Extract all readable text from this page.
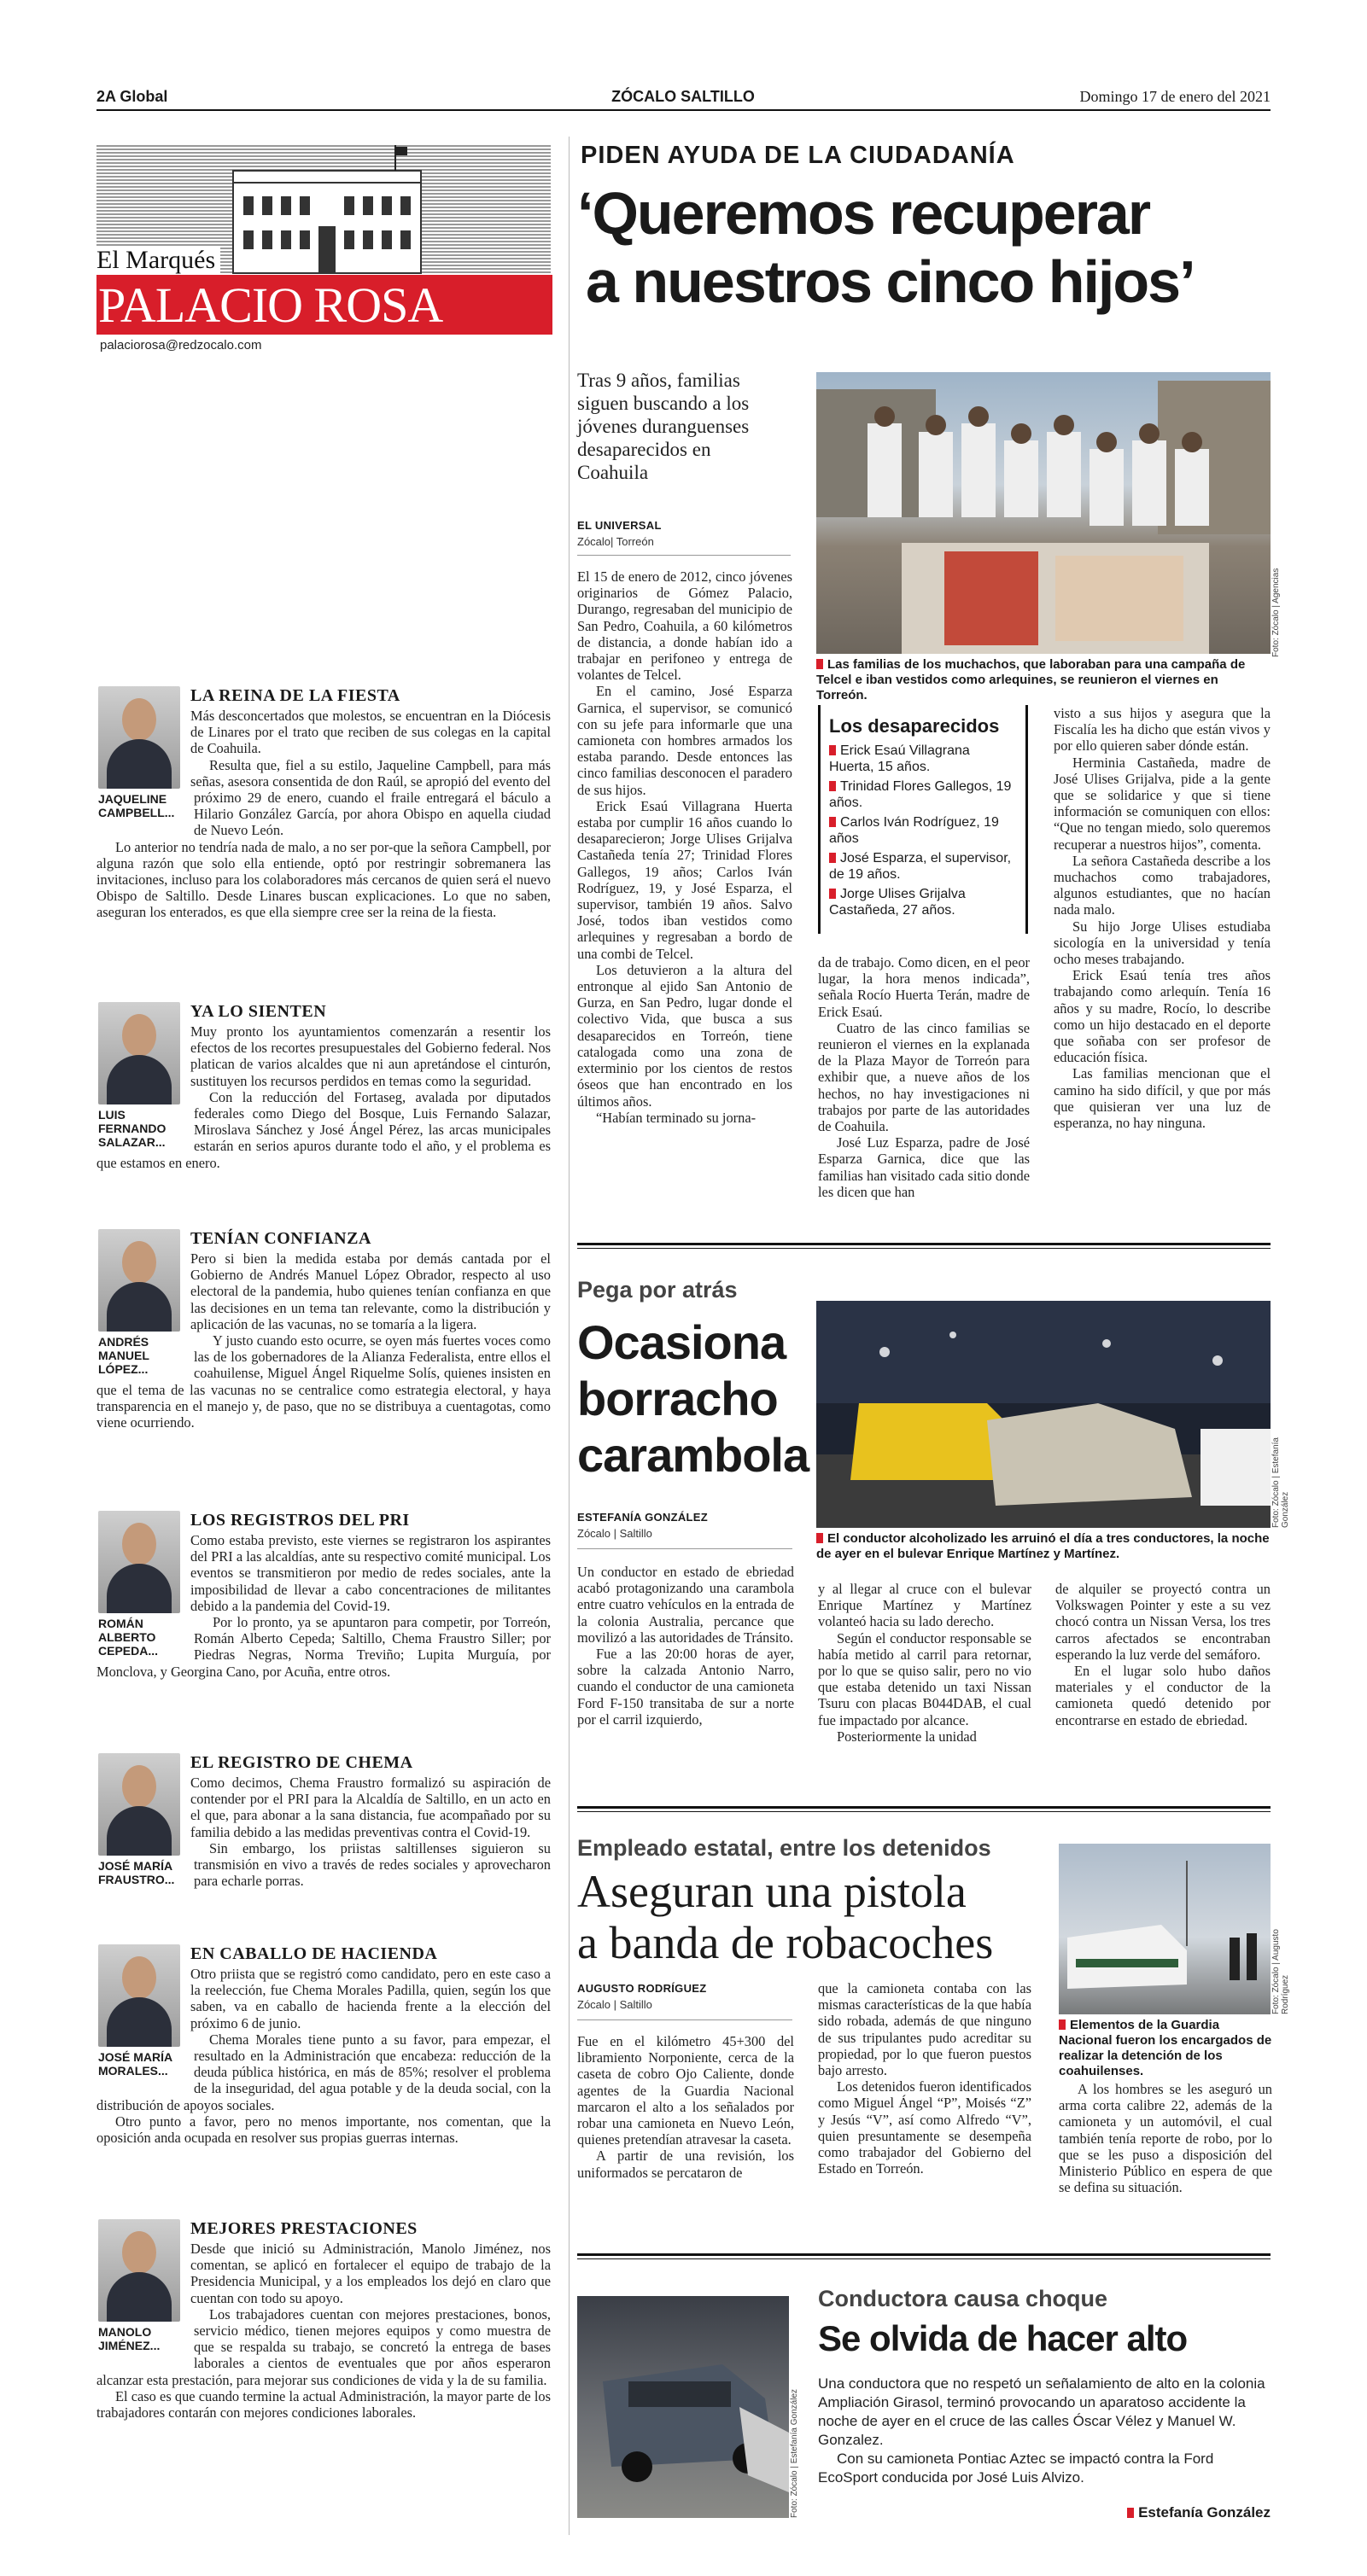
2A Global	ZÓCALO SALTILLO	Domingo 17 de enero del 2021
El Marqués
PALACIO ROSA
palaciorosa@redzocalo.com
JAQUELINE CAMPBELL...
LA REINA DE LA FIESTA

Más desconcertados que molestos, se encuentran en la Diócesis de Linares por el trato que reciben de sus colegas en la capital de Coahuila.

Resulta que, fiel a su estilo, Jaqueline Campbell, para más señas, asesora consentida de don Raúl, se apropió del evento del próximo 29 de enero, cuando el fraile entregará el báculo a Hilario González García, por ahora Obispo en aquella ciudad de Nuevo León.

Lo anterior no tendría nada de malo, a no ser por-que la señora Campbell, por alguna razón que solo ella entiende, optó por restringir sobremanera las invitaciones, incluso para los colaboradores más cercanos de quien será el nuevo Obispo de Saltillo. Desde Linares buscan explicaciones. Lo que no saben, aseguran los enterados, es que ella siempre cree ser la reina de la fiesta.

LUIS FERNANDO SALAZAR...
YA LO SIENTEN

Muy pronto los ayuntamientos comenzarán a resentir los efectos de los recortes presupuestales del Gobierno federal. Nos platican de varios alcaldes que ni aun apretándose el cinturón, sustituyen los recursos perdidos en temas como la seguridad.

Con la reducción del Fortaseg, avalada por diputados federales como Diego del Bosque, Luis Fernando Salazar, Miroslava Sánchez y José Ángel Pérez, las arcas municipales estarán en serios apuros durante todo el año, y el problema es que estamos en enero.

ANDRÉS MANUEL LÓPEZ...
TENÍAN CONFIANZA

Pero si bien la medida estaba por demás cantada por el Gobierno de Andrés Manuel López Obrador, respecto al uso electoral de la pandemia, hubo quienes tenían confianza en que las decisiones en un tema tan relevante, como la distribución y aplicación de las vacunas, no se tomaría a la ligera.

Y justo cuando esto ocurre, se oyen más fuertes voces como las de los gobernadores de la Alianza Federalista, entre ellos el coahuilense, Miguel Ángel Riquelme Solís, quienes insisten en que el tema de las vacunas no se centralice como estrategia electoral, y haya transparencia en el manejo y, de paso, que no se distribuya a cuentagotas, como viene ocurriendo.

ROMÁN ALBERTO CEPEDA...
LOS REGISTROS DEL PRI

Como estaba previsto, este viernes se registraron los aspirantes del PRI a las alcaldías, ante su respectivo comité municipal. Los eventos se transmitieron por medio de redes sociales, ante la imposibilidad de llevar a cabo concentraciones de militantes debido a la pandemia del Covid-19.

Por lo pronto, ya se apuntaron para competir, por Torreón, Román Alberto Cepeda; Saltillo, Chema Fraustro Siller; por Piedras Negras, Norma Treviño; Lupita Murguía, por Monclova, y Georgina Cano, por Acuña, entre otros.

JOSÉ MARÍA FRAUSTRO...
EL REGISTRO DE CHEMA

Como decimos, Chema Fraustro formalizó su aspiración de contender por el PRI para la Alcaldía de Saltillo, en un acto en el que, para abonar a la sana distancia, fue acompañado por su familia debido a las medidas preventivas contra el Covid-19.

Sin embargo, los priistas saltillenses siguieron su transmisión en vivo a través de redes sociales y aprovecharon para echarle porras.

JOSÉ MARÍA MORALES...
EN CABALLO DE HACIENDA

Otro priista que se registró como candidato, pero en este caso a la reelección, fue Chema Morales Padilla, quien, según los que saben, va en caballo de hacienda frente a la elección del próximo 6 de junio.

Chema Morales tiene punto a su favor, para empezar, el resultado en la Administración que encabeza: reducción de la deuda pública histórica, en más de 85%; resolver el problema de la inseguridad, del agua potable y de la deuda social, con la distribución de apoyos sociales.

Otro punto a favor, pero no menos importante, nos comentan, que la oposición anda ocupada en resolver sus propias guerras internas.

MANOLO JIMÉNEZ...
MEJORES PRESTACIONES

Desde que inició su Administración, Manolo Jiménez, nos comentan, se aplicó en fortalecer el equipo de trabajo de la Presidencia Municipal, y a los empleados los dejó en claro que cuentan con todo su apoyo.

Los trabajadores cuentan con mejores prestaciones, bonos, servicio médico, tienen mejores equipos y como muestra de que se respalda su trabajo, se concretó la entrega de bases laborales a cientos de eventuales que por años esperaron alcanzar esta prestación, para mejorar sus condiciones de vida y la de su familia.

El caso es que cuando termine la actual Administración, la mayor parte de los trabajadores contarán con mejores condiciones laborales.

PIDEN AYUDA DE LA CIUDADANÍA
‘Queremos recuperar
a nuestros cinco hijos’
Tras 9 años, familias siguen buscando a los jóvenes duranguenses desaparecidos en Coahuila
EL UNIVERSAL
Zócalo| Torreón
Foto: Zócalo | Agencias
Las familias de los muchachos, que laboraban para una campaña de Telcel e iban vestidos como arlequines, se reunieron el viernes en Torreón.

El 15 de enero de 2012, cinco jóvenes originarios de Gómez Palacio, Durango, regresaban del municipio de San Pedro, Coahuila, a 60 kilómetros de distancia, a donde habían ido a trabajar en perifoneo y entrega de volantes de Telcel.

En el camino, José Esparza Garnica, el supervisor, se comunicó con su jefe para informarle que una camioneta con hombres armados los estaba parando. Desde entonces las cinco familias desconocen el paradero de sus hijos.

Erick Esaú Villagrana Huerta estaba por cumplir 16 años cuando lo desaparecieron; Jorge Ulises Grijalva Castañeda tenía 27; Trinidad Flores Gallegos, 19 años; Carlos Iván Rodríguez, 19, y José Esparza, el supervisor, también 19 años. Salvo José, todos iban vestidos como arlequines y regresaban a bordo de una combi de Telcel.

Los detuvieron a la altura del entronque al ejido San Antonio de Gurza, en San Pedro, lugar donde el colectivo Vida, que busca a sus desaparecidos en Torreón, tiene catalogada como una zona de exterminio por los cientos de restos óseos que han encontrado en los últimos años.

“Habían terminado su jorna-

Los desaparecidos
Erick Esaú Villagrana Huerta, 15 años.
Trinidad Flores Gallegos, 19 años.
Carlos Iván Rodríguez, 19 años
José Esparza, el supervisor, de 19 años.
Jorge Ulises Grijalva Castañeda, 27 años.

da de trabajo. Como dicen, en el peor lugar, la hora menos indicada”, señala Rocío Huerta Terán, madre de Erick Esaú.

Cuatro de las cinco familias se reunieron el viernes en la explanada de la Plaza Mayor de Torreón para exhibir que, a nueve años de los hechos, no hay investigaciones ni trabajos por parte de las autoridades de Coahuila.

José Luz Esparza, padre de José Esparza Garnica, dice que las familias han visitado cada sitio donde les dicen que han

visto a sus hijos y asegura que la Fiscalía les ha dicho que están vivos y por ello quieren saber dónde están.

Herminia Castañeda, madre de José Ulises Grijalva, pide a la gente que se solidarice y que si tiene información se comuniquen con ellos: “Que no tengan miedo, solo queremos recuperar a nuestros hijos”, comenta.

La señora Castañeda describe a los muchachos como trabajadores, algunos estudiantes, que no hacían nada malo.

Su hijo Jorge Ulises estudiaba sicología en la universidad y tenía ocho meses trabajando.

Erick Esaú tenía tres años trabajando como arlequín. Tenía 16 años y su madre, Rocío, lo describe como un hijo destacado en el deporte que soñaba con ser profesor de educación física.

Las familias mencionan que el camino ha sido difícil, y que por más que quisieran ver una luz de esperanza, no hay ninguna.

Pega por atrás
Ocasiona borracho carambola
ESTEFANÍA GONZÁLEZ
Zócalo | Saltillo
Foto: Zócalo | Estefanía González
El conductor alcoholizado les arruinó el día a tres conductores, la noche de ayer en el bulevar Enrique Martínez y Martínez.

Un conductor en estado de ebriedad acabó protagonizando una carambola entre cuatro vehículos en la entrada de la colonia Australia, percance que movilizó a las autoridades de Tránsito.

Fue a las 20:00 horas de ayer, sobre la calzada Antonio Narro, cuando el conductor de una camioneta Ford F-150 transitaba de sur a norte por el carril izquierdo,

y al llegar al cruce con el bulevar Enrique Martínez y Martínez volanteó hacia su lado derecho.

Según el conductor responsable se había metido al carril para retornar, por lo que se quiso salir, pero no vio que estaba detenido un taxi Nissan Tsuru con placas B044DAB, el cual fue impactado por alcance.

Posteriormente la unidad

de alquiler se proyectó contra un Volkswagen Pointer y este a su vez chocó contra un Nissan Versa, los tres carros afectados se encontraban esperando la luz verde del semáforo.

En el lugar solo hubo daños materiales y el conductor de la camioneta quedó detenido por encontrarse en estado de ebriedad.

Empleado estatal, entre los detenidos
Aseguran una pistola
a banda de robacoches
AUGUSTO RODRÍGUEZ
Zócalo | Saltillo

Fue en el kilómetro 45+300 del libramiento Norponiente, cerca de la caseta de cobro Ojo Caliente, donde agentes de la Guardia Nacional marcaron el alto a los señalados por robar una camioneta en Nuevo León, quienes pretendían atravesar la caseta.

A partir de una revisión, los uniformados se percataron de

que la camioneta contaba con las mismas características de la que había sido robada, además de que ninguno de sus tripulantes pudo acreditar su propiedad, por lo que fueron puestos bajo arresto.

Los detenidos fueron identificados como Miguel Ángel “P”, Moisés “Z” y Jesús “V”, así como Alfredo “V”, quien presuntamente se desempeña como trabajador del Gobierno del Estado en Torreón.

Foto: Zócalo | Augusto Rodríguez
Elementos de la Guardia Nacional fueron los encargados de realizar la detención de los coahuilenses.

A los hombres se les aseguró un arma corta calibre 22, además de la camioneta y un automóvil, el cual también tenía reporte de robo, por lo que se les puso a disposición del Ministerio Público en espera de que se defina su situación.

Foto: Zócalo | Estefanía González
Conductora causa choque
Se olvida de hacer alto

Una conductora que no respetó un señalamiento de alto en la colonia Ampliación Girasol, terminó provocando un aparatoso accidente la noche de ayer en el cruce de las calles Óscar Vélez y Manuel W. Gonzalez.

Con su camioneta Pontiac Aztec se impactó contra la Ford EcoSport conducida por José Luis Alvizo.

Estefanía González
